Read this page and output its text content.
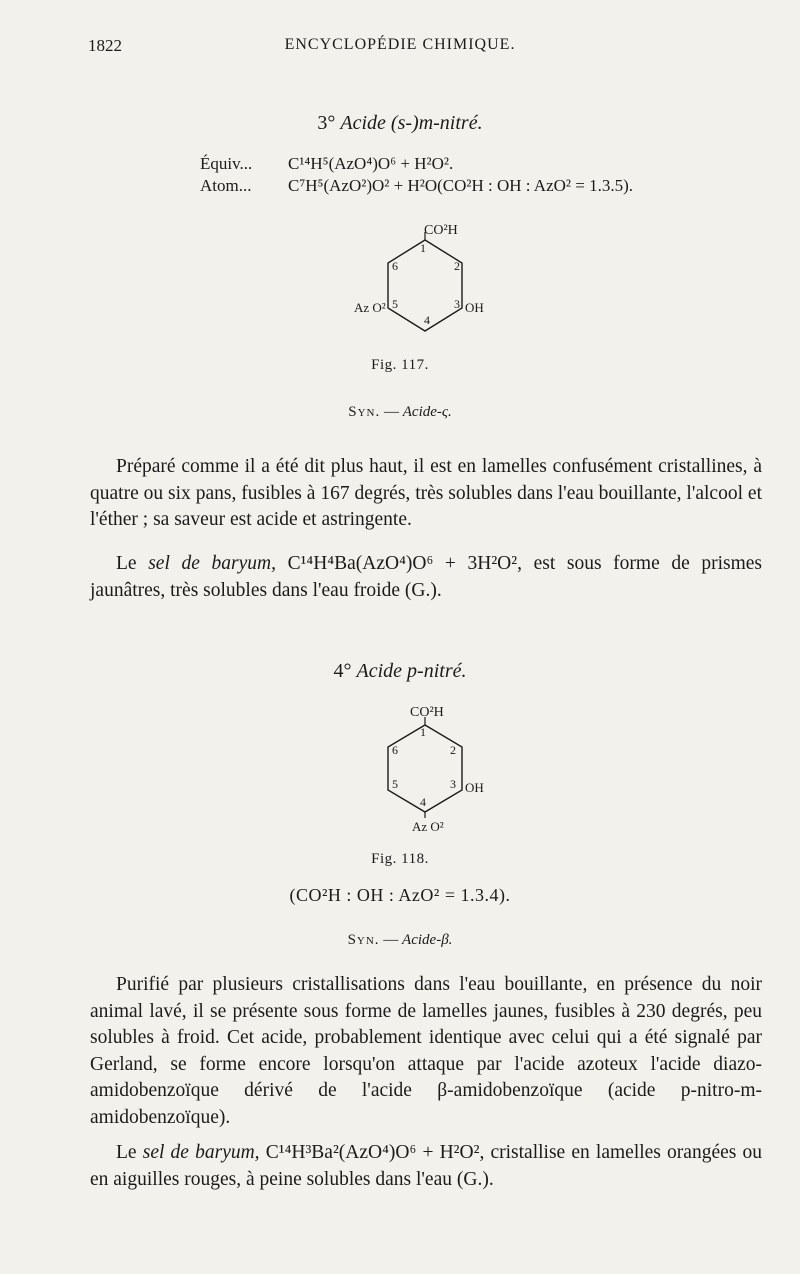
1822	ENCYCLOPÉDIE CHIMIQUE.
3° Acide (s-)m-nitré.
Équiv... C¹⁴H⁵(AzO⁴)O⁶ + H²O².
Atom... C⁷H⁵(AzO²)O² + H²O(CO²H : OH : AzO² = 1.3.5).
CO²H
1
2
3
4
5
6
Az O²	OH
Fig. 117.
Syn. — Acide-ς.
Préparé comme il a été dit plus haut, il est en lamelles confusément cristallines, à quatre ou six pans, fusibles à 167 degrés, très solubles dans l'eau bouillante, l'alcool et l'éther ; sa saveur est acide et astringente.
Le sel de baryum, C¹⁴H⁴Ba(AzO⁴)O⁶ + 3H²O², est sous forme de prismes jaunâtres, très solubles dans l'eau froide (G.).
4° Acide p-nitré.
CO²H
1
2
3
4
5
6
OH
Az O²
Fig. 118.
(CO²H : OH : AzO² = 1.3.4).
Syn. — Acide-β.
Purifié par plusieurs cristallisations dans l'eau bouillante, en présence du noir animal lavé, il se présente sous forme de lamelles jaunes, fusibles à 230 degrés, peu solubles à froid. Cet acide, probablement identique avec celui qui a été signalé par Gerland, se forme encore lorsqu'on attaque par l'acide azoteux l'acide diazo-amidobenzoïque dérivé de l'acide β-amidobenzoïque (acide p-nitro-m-amidobenzoïque).
Le sel de baryum, C¹⁴H³Ba²(AzO⁴)O⁶ + H²O², cristallise en lamelles orangées ou en aiguilles rouges, à peine solubles dans l'eau (G.).
